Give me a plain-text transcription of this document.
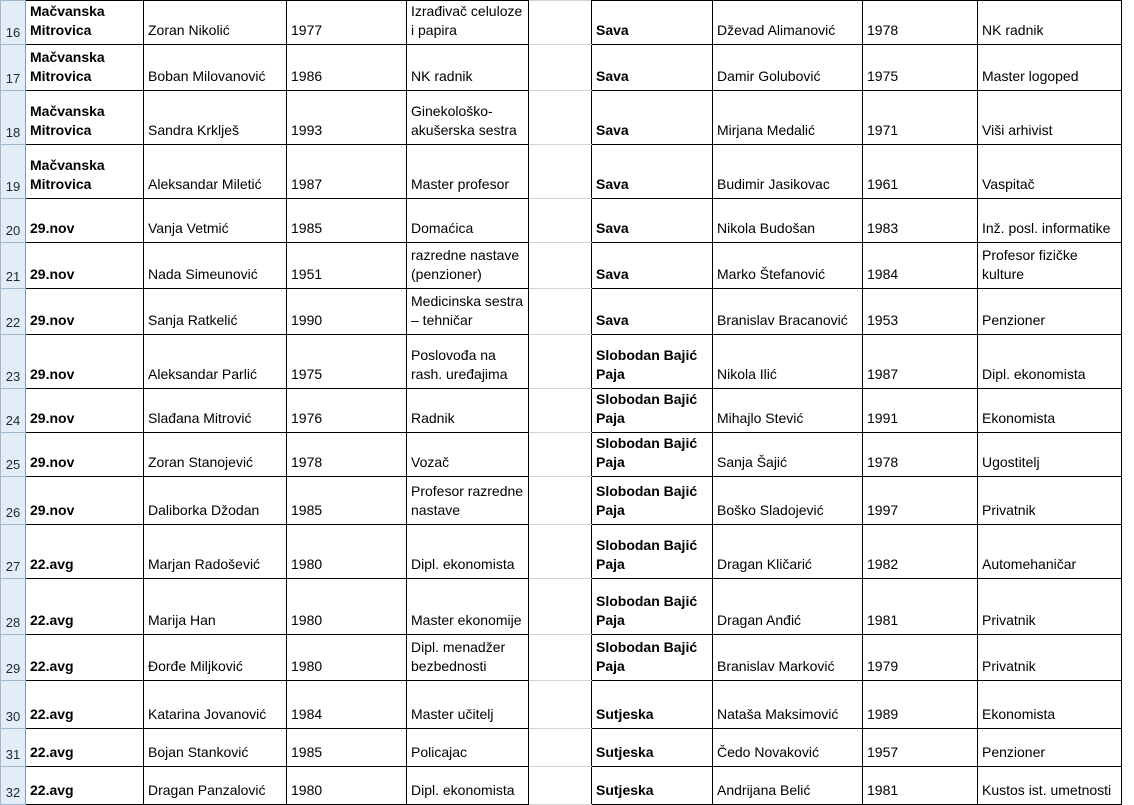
16	Mačvanska Mitrovica	Zoran Nikolić	1977	Izrađivač celuloze i papira		Sava	Dževad Alimanović	1978	NK radnik

17	Mačvanska Mitrovica	Boban Milovanović	1986	NK radnik		Sava	Damir Golubović	1975	Master logoped

18	Mačvanska Mitrovica	Sandra Krklješ	1993	Ginekološko-akušerska sestra		Sava	Mirjana Medalić	1971	Viši arhivist

19	Mačvanska Mitrovica	Aleksandar Miletić	1987	Master profesor		Sava	Budimir Jasikovac	1961	Vaspitač

20	29.nov	Vanja Vetmić	1985	Domaćica		Sava	Nikola Budošan	1983	Inž. posl. informatike

21	29.nov	Nada Simeunović	1951	razredne nastave (penzioner)		Sava	Marko Štefanović	1984	Profesor fizičke kulture

22	29.nov	Sanja Ratkelić	1990	Medicinska sestra – tehničar		Sava	Branislav Bracanović	1953	Penzioner

23	29.nov	Aleksandar Parlić	1975	Poslovođa na rash. uređajima		Slobodan Bajić Paja	Nikola Ilić	1987	Dipl. ekonomista

24	29.nov	Slađana Mitrović	1976	Radnik		Slobodan Bajić Paja	Mihajlo Stević	1991	Ekonomista

25	29.nov	Zoran Stanojević	1978	Vozač		Slobodan Bajić Paja	Sanja Šajić	1978	Ugostitelj

26	29.nov	Daliborka Džodan	1985	Profesor razredne nastave		Slobodan Bajić Paja	Boško Sladojević	1997	Privatnik

27	22.avg	Marjan Radošević	1980	Dipl. ekonomista		Slobodan Bajić Paja	Dragan Kličarić	1982	Automehaničar

28	22.avg	Marija Han	1980	Master ekonomije		Slobodan Bajić Paja	Dragan Anđić	1981	Privatnik

29	22.avg	Đorđe Miljković	1980	Dipl. menadžer bezbednosti		Slobodan Bajić Paja	Branislav Marković	1979	Privatnik

30	22.avg	Katarina Jovanović	1984	Master učitelj		Sutjeska	Nataša Maksimović	1989	Ekonomista

31	22.avg	Bojan Stanković	1985	Policajac		Sutjeska	Čedo Novaković	1957	Penzioner

32	22.avg	Dragan Panzalović	1980	Dipl. ekonomista		Sutjeska	Andrijana Belić	1981	Kustos ist. umetnosti
